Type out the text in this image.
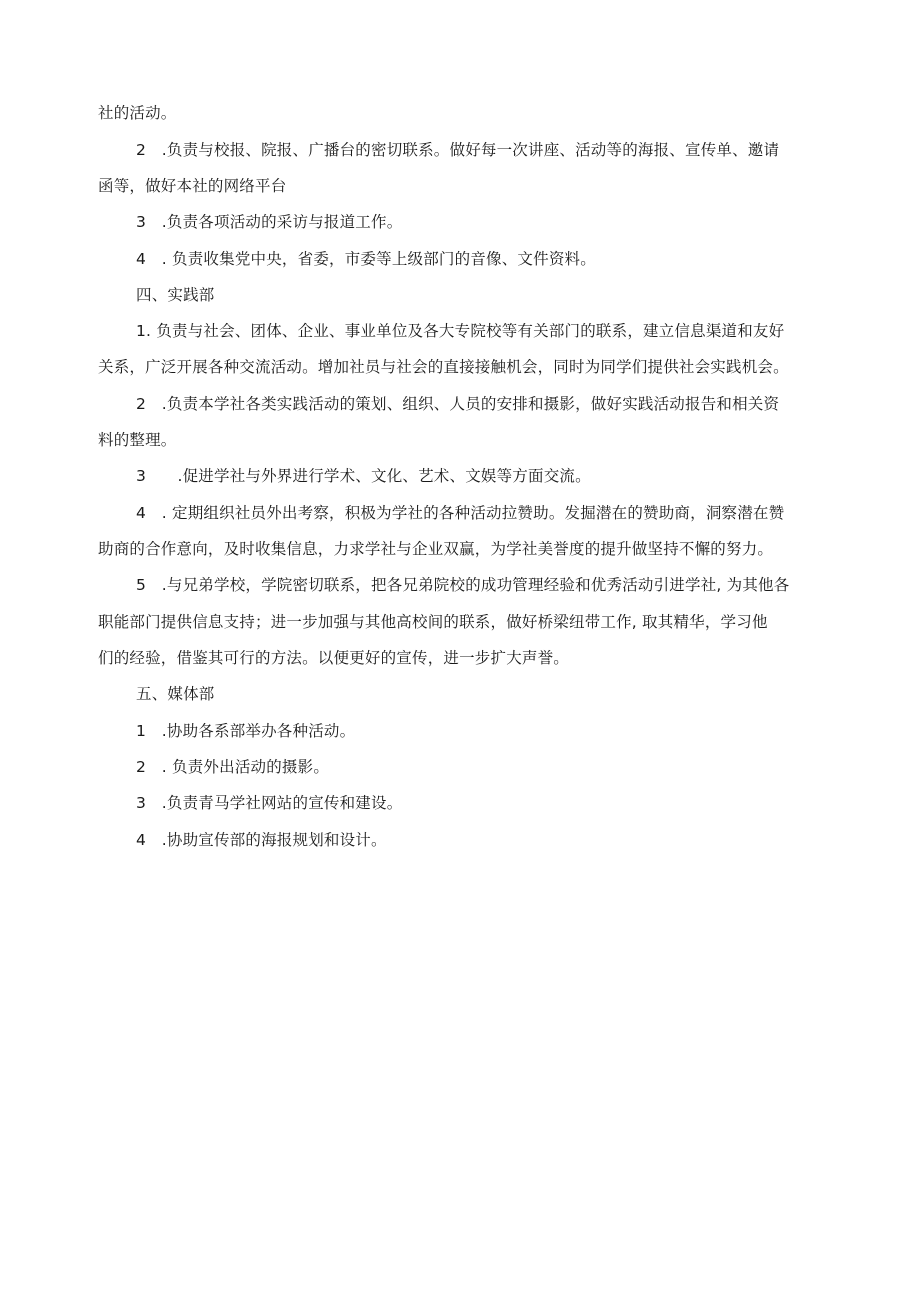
社的活动。
2　.负责与校报、院报、广播台的密切联系。做好每一次讲座、活动等的海报、宣传单、邀请
函等，做好本社的网络平台
3　.负责各项活动的采访与报道工作。
4　. 负责收集党中央，省委，市委等上级部门的音像、文件资料。
四、实践部
1. 负责与社会、团体、企业、事业单位及各大专院校等有关部门的联系，建立信息渠道和友好
关系，广泛开展各种交流活动。增加社员与社会的直接接触机会，同时为同学们提供社会实践机会。
2　.负责本学社各类实践活动的策划、组织、人员的安排和摄影，做好实践活动报告和相关资
料的整理。
3　　.促进学社与外界进行学术、文化、艺术、文娱等方面交流。
4　. 定期组织社员外出考察，积极为学社的各种活动拉赞助。发掘潜在的赞助商，洞察潜在赞
助商的合作意向，及时收集信息，力求学社与企业双赢，为学社美誉度的提升做坚持不懈的努力。
5　.与兄弟学校，学院密切联系，把各兄弟院校的成功管理经验和优秀活动引进学社, 为其他各
职能部门提供信息支持；进一步加强与其他高校间的联系，做好桥梁纽带工作, 取其精华，学习他
们的经验，借鉴其可行的方法。以便更好的宣传，进一步扩大声誉。
五、媒体部
1　.协助各系部举办各种活动。
2　. 负责外出活动的摄影。
3　.负责青马学社网站的宣传和建设。
4　.协助宣传部的海报规划和设计。
